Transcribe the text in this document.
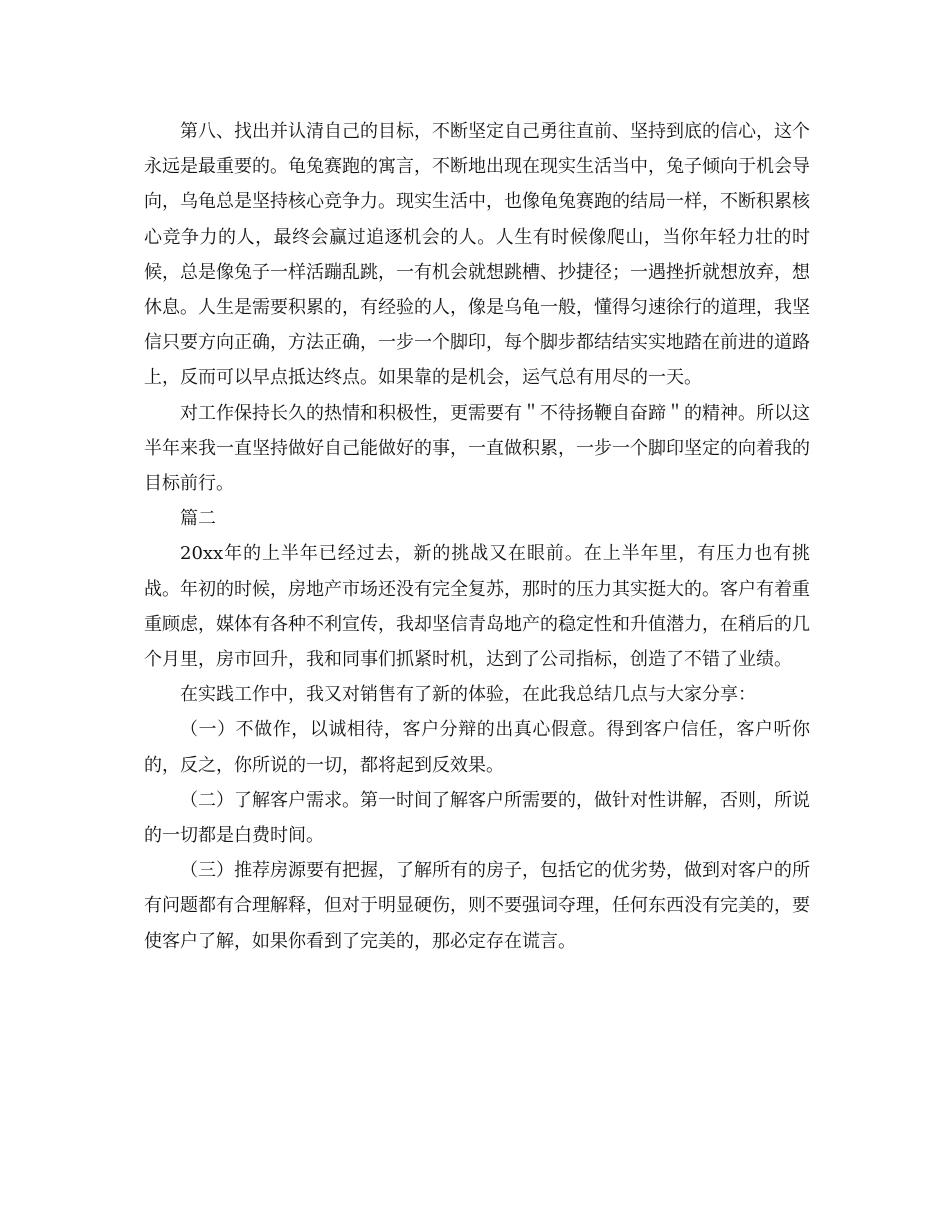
第八、找出并认清自己的目标，不断坚定自己勇往直前、坚持到底的信心，这个永远是最重要的。龟兔赛跑的寓言，不断地出现在现实生活当中，兔子倾向于机会导向，乌龟总是坚持核心竞争力。现实生活中，也像龟兔赛跑的结局一样，不断积累核心竞争力的人，最终会赢过追逐机会的人。人生有时候像爬山，当你年轻力壮的时候，总是像兔子一样活蹦乱跳，一有机会就想跳槽、抄捷径；一遇挫折就想放弃，想休息。人生是需要积累的，有经验的人，像是乌龟一般，懂得匀速徐行的道理，我坚信只要方向正确，方法正确，一步一个脚印，每个脚步都结结实实地踏在前进的道路上，反而可以早点抵达终点。如果靠的是机会，运气总有用尽的一天。

对工作保持长久的热情和积极性，更需要有＂不待扬鞭自奋蹄＂的精神。所以这半年来我一直坚持做好自己能做好的事，一直做积累，一步一个脚印坚定的向着我的目标前行。

篇二

20xx年的上半年已经过去，新的挑战又在眼前。在上半年里，有压力也有挑战。年初的时候，房地产市场还没有完全复苏，那时的压力其实挺大的。客户有着重重顾虑，媒体有各种不利宣传，我却坚信青岛地产的稳定性和升值潜力，在稍后的几个月里，房市回升，我和同事们抓紧时机，达到了公司指标，创造了不错了业绩。

在实践工作中，我又对销售有了新的体验，在此我总结几点与大家分享：

（一）不做作，以诚相待，客户分辩的出真心假意。得到客户信任，客户听你的，反之，你所说的一切，都将起到反效果。

（二）了解客户需求。第一时间了解客户所需要的，做针对性讲解，否则，所说的一切都是白费时间。

（三）推荐房源要有把握，了解所有的房子，包括它的优劣势，做到对客户的所有问题都有合理解释，但对于明显硬伤，则不要强词夺理，任何东西没有完美的，要使客户了解，如果你看到了完美的，那必定存在谎言。
